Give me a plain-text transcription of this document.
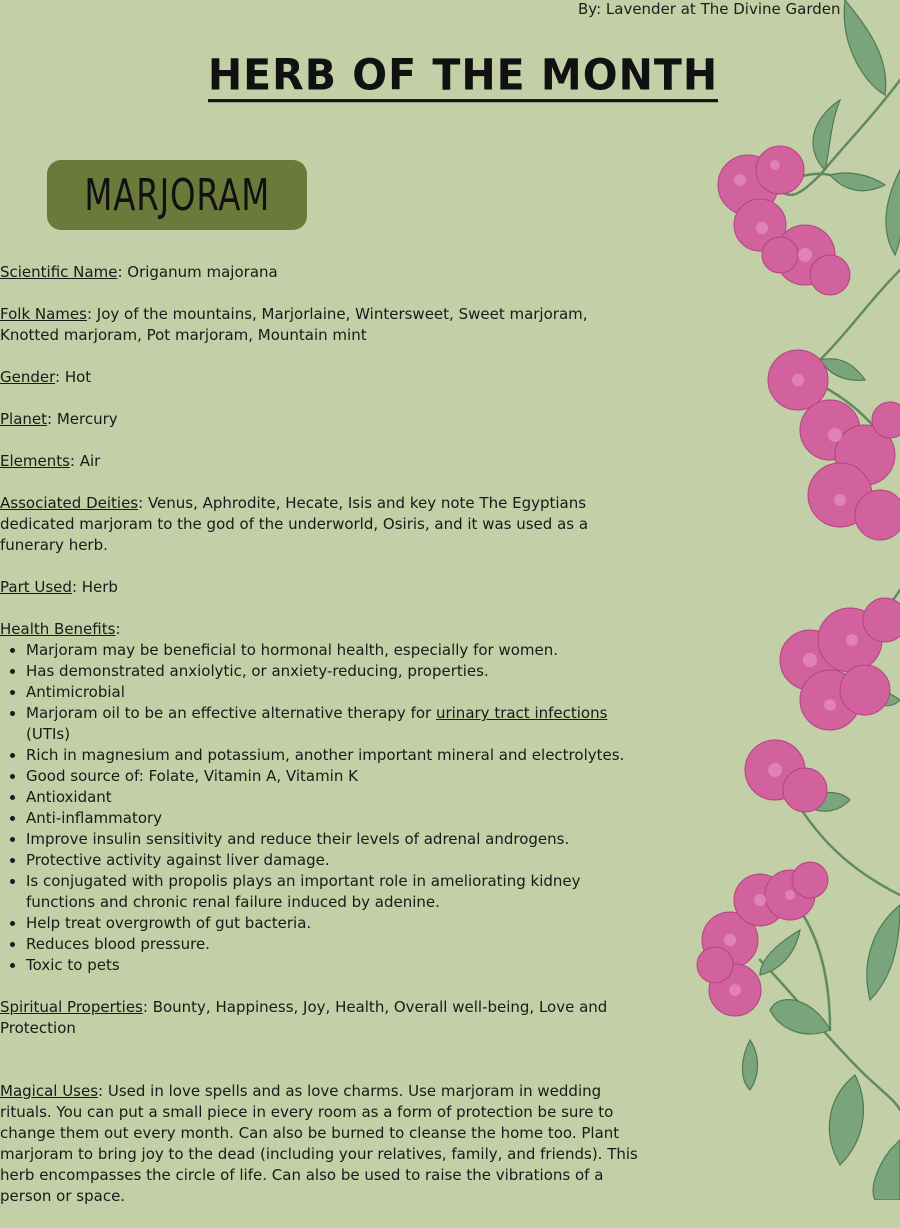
By: Lavender at The Divine Garden
HERB OF THE MONTH
MARJORAM

Scientific Name: Origanum majorana

Folk Names: Joy of the mountains, Marjorlaine, Wintersweet, Sweet marjoram, Knotted marjoram, Pot marjoram, Mountain mint

Gender: Hot

Planet: Mercury

Elements: Air

Associated Deities: Venus, Aphrodite, Hecate, Isis and key note The Egyptians dedicated marjoram to the god of the underworld, Osiris, and it was used as a funerary herb.

Part Used: Herb

Health Benefits:
• Marjoram may be beneficial to hormonal health, especially for women.
• Has demonstrated anxiolytic, or anxiety-reducing, properties.
• Antimicrobial
• Marjoram oil to be an effective alternative therapy for urinary tract infections (UTIs)
• Rich in magnesium and potassium, another important mineral and electrolytes.
• Good source of: Folate, Vitamin A, Vitamin K
• Antioxidant
• Anti-inflammatory
• Improve insulin sensitivity and reduce their levels of adrenal androgens.
• Protective activity against liver damage.
• Is conjugated with propolis plays an important role in ameliorating kidney functions and chronic renal failure induced by adenine.
• Help treat overgrowth of gut bacteria.
• Reduces blood pressure.
• Toxic to pets

Spiritual Properties: Bounty, Happiness, Joy, Health, Overall well-being, Love and Protection

Magical Uses: Used in love spells and as love charms. Use marjoram in wedding rituals. You can put a small piece in every room as a form of protection be sure to change them out every month. Can also be burned to cleanse the home too. Plant marjoram to bring joy to the dead (including your relatives, family, and friends). This herb encompasses the circle of life. Can also be used to raise the vibrations of a person or space.
